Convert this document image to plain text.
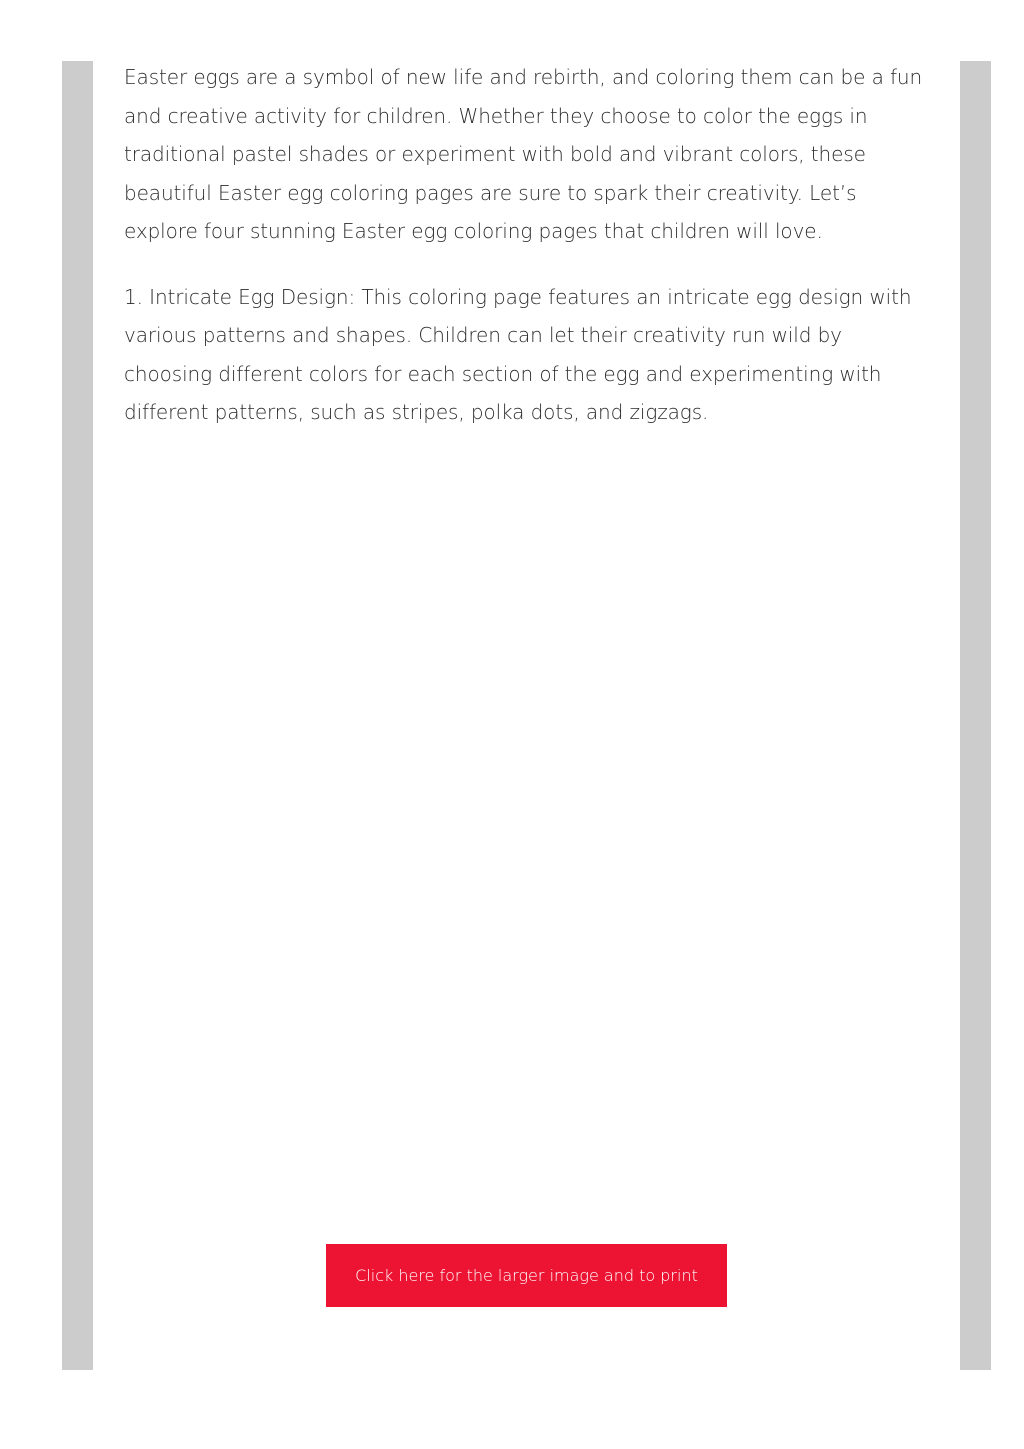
Easter eggs are a symbol of new life and rebirth, and coloring them can be a fun and creative activity for children. Whether they choose to color the eggs in traditional pastel shades or experiment with bold and vibrant colors, these beautiful Easter egg coloring pages are sure to spark their creativity. Let’s explore four stunning Easter egg coloring pages that children will love.

1. Intricate Egg Design: This coloring page features an intricate egg design with various patterns and shapes. Children can let their creativity run wild by choosing different colors for each section of the egg and experimenting with different patterns, such as stripes, polka dots, and zigzags.

Click here for the larger image and to print
